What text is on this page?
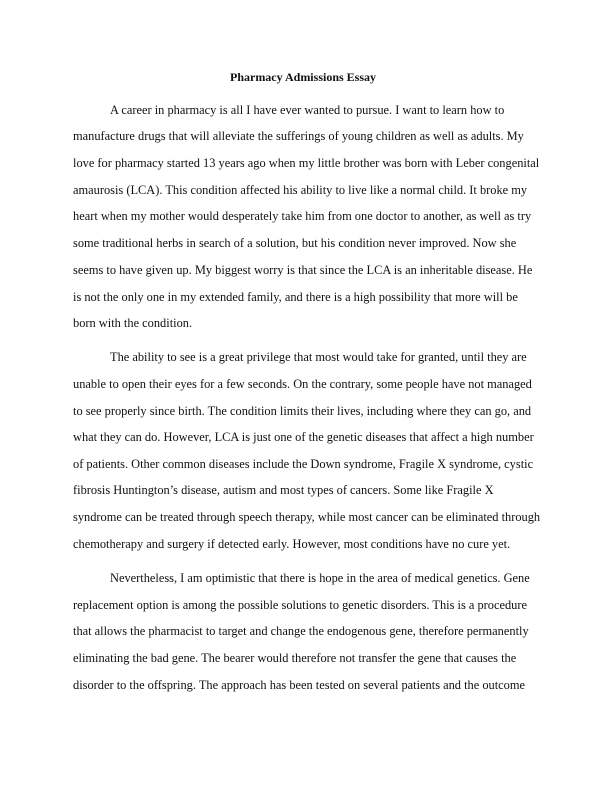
Pharmacy Admissions Essay

A career in pharmacy is all I have ever wanted to pursue. I want to learn how to

manufacture drugs that will alleviate the sufferings of young children as well as adults. My

love for pharmacy started 13 years ago when my little brother was born with Leber congenital

amaurosis (LCA). This condition affected his ability to live like a normal child. It broke my

heart when my mother would desperately take him from one doctor to another, as well as try

some traditional herbs in search of a solution, but his condition never improved. Now she

seems to have given up. My biggest worry is that since the LCA is an inheritable disease. He

is not the only one in my extended family, and there is a high possibility that more will be

born with the condition.

The ability to see is a great privilege that most would take for granted, until they are

unable to open their eyes for a few seconds. On the contrary, some people have not managed

to see properly since birth. The condition limits their lives, including where they can go, and

what they can do. However, LCA is just one of the genetic diseases that affect a high number

of patients. Other common diseases include the Down syndrome, Fragile X syndrome, cystic

fibrosis Huntington’s disease, autism and most types of cancers. Some like Fragile X

syndrome can be treated through speech therapy, while most cancer can be eliminated through

chemotherapy and surgery if detected early. However, most conditions have no cure yet.

Nevertheless, I am optimistic that there is hope in the area of medical genetics. Gene

replacement option is among the possible solutions to genetic disorders. This is a procedure

that allows the pharmacist to target and change the endogenous gene, therefore permanently

eliminating the bad gene. The bearer would therefore not transfer the gene that causes the

disorder to the offspring. The approach has been tested on several patients and the outcome
